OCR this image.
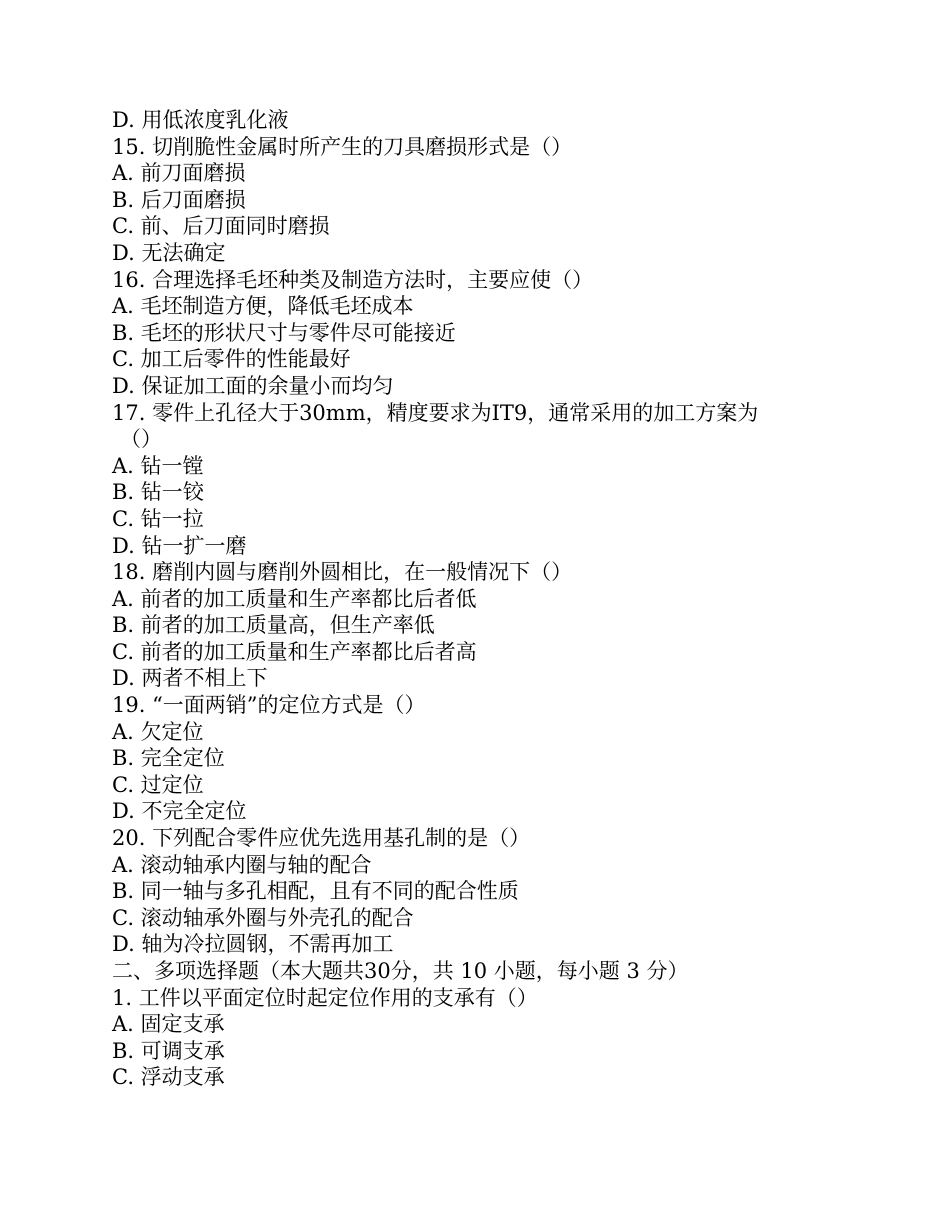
D. 用低浓度乳化液
15. 切削脆性金属时所产生的刀具磨损形式是（）
A. 前刀面磨损
B. 后刀面磨损
C. 前、后刀面同时磨损
D. 无法确定
16. 合理选择毛坯种类及制造方法时，主要应使（）
A. 毛坯制造方便，降低毛坯成本
B. 毛坯的形状尺寸与零件尽可能接近
C. 加工后零件的性能最好
D. 保证加工面的余量小而均匀
17. 零件上孔径大于30mm，精度要求为IT9，通常采用的加工方案为
（）
A. 钻一镗
B. 钻一铰
C. 钻一拉
D. 钻一扩一磨
18. 磨削内圆与磨削外圆相比，在一般情况下（）
A. 前者的加工质量和生产率都比后者低
B. 前者的加工质量高，但生产率低
C. 前者的加工质量和生产率都比后者高
D. 两者不相上下
19. “一面两销”的定位方式是（）
A. 欠定位
B. 完全定位
C. 过定位
D. 不完全定位
20. 下列配合零件应优先选用基孔制的是（）
A. 滚动轴承内圈与轴的配合
B. 同一轴与多孔相配，且有不同的配合性质
C. 滚动轴承外圈与外壳孔的配合
D. 轴为冷拉圆钢，不需再加工
二、多项选择题（本大题共30分，共 10 小题，每小题 3 分）
1. 工件以平面定位时起定位作用的支承有（）
A. 固定支承
B. 可调支承
C. 浮动支承
